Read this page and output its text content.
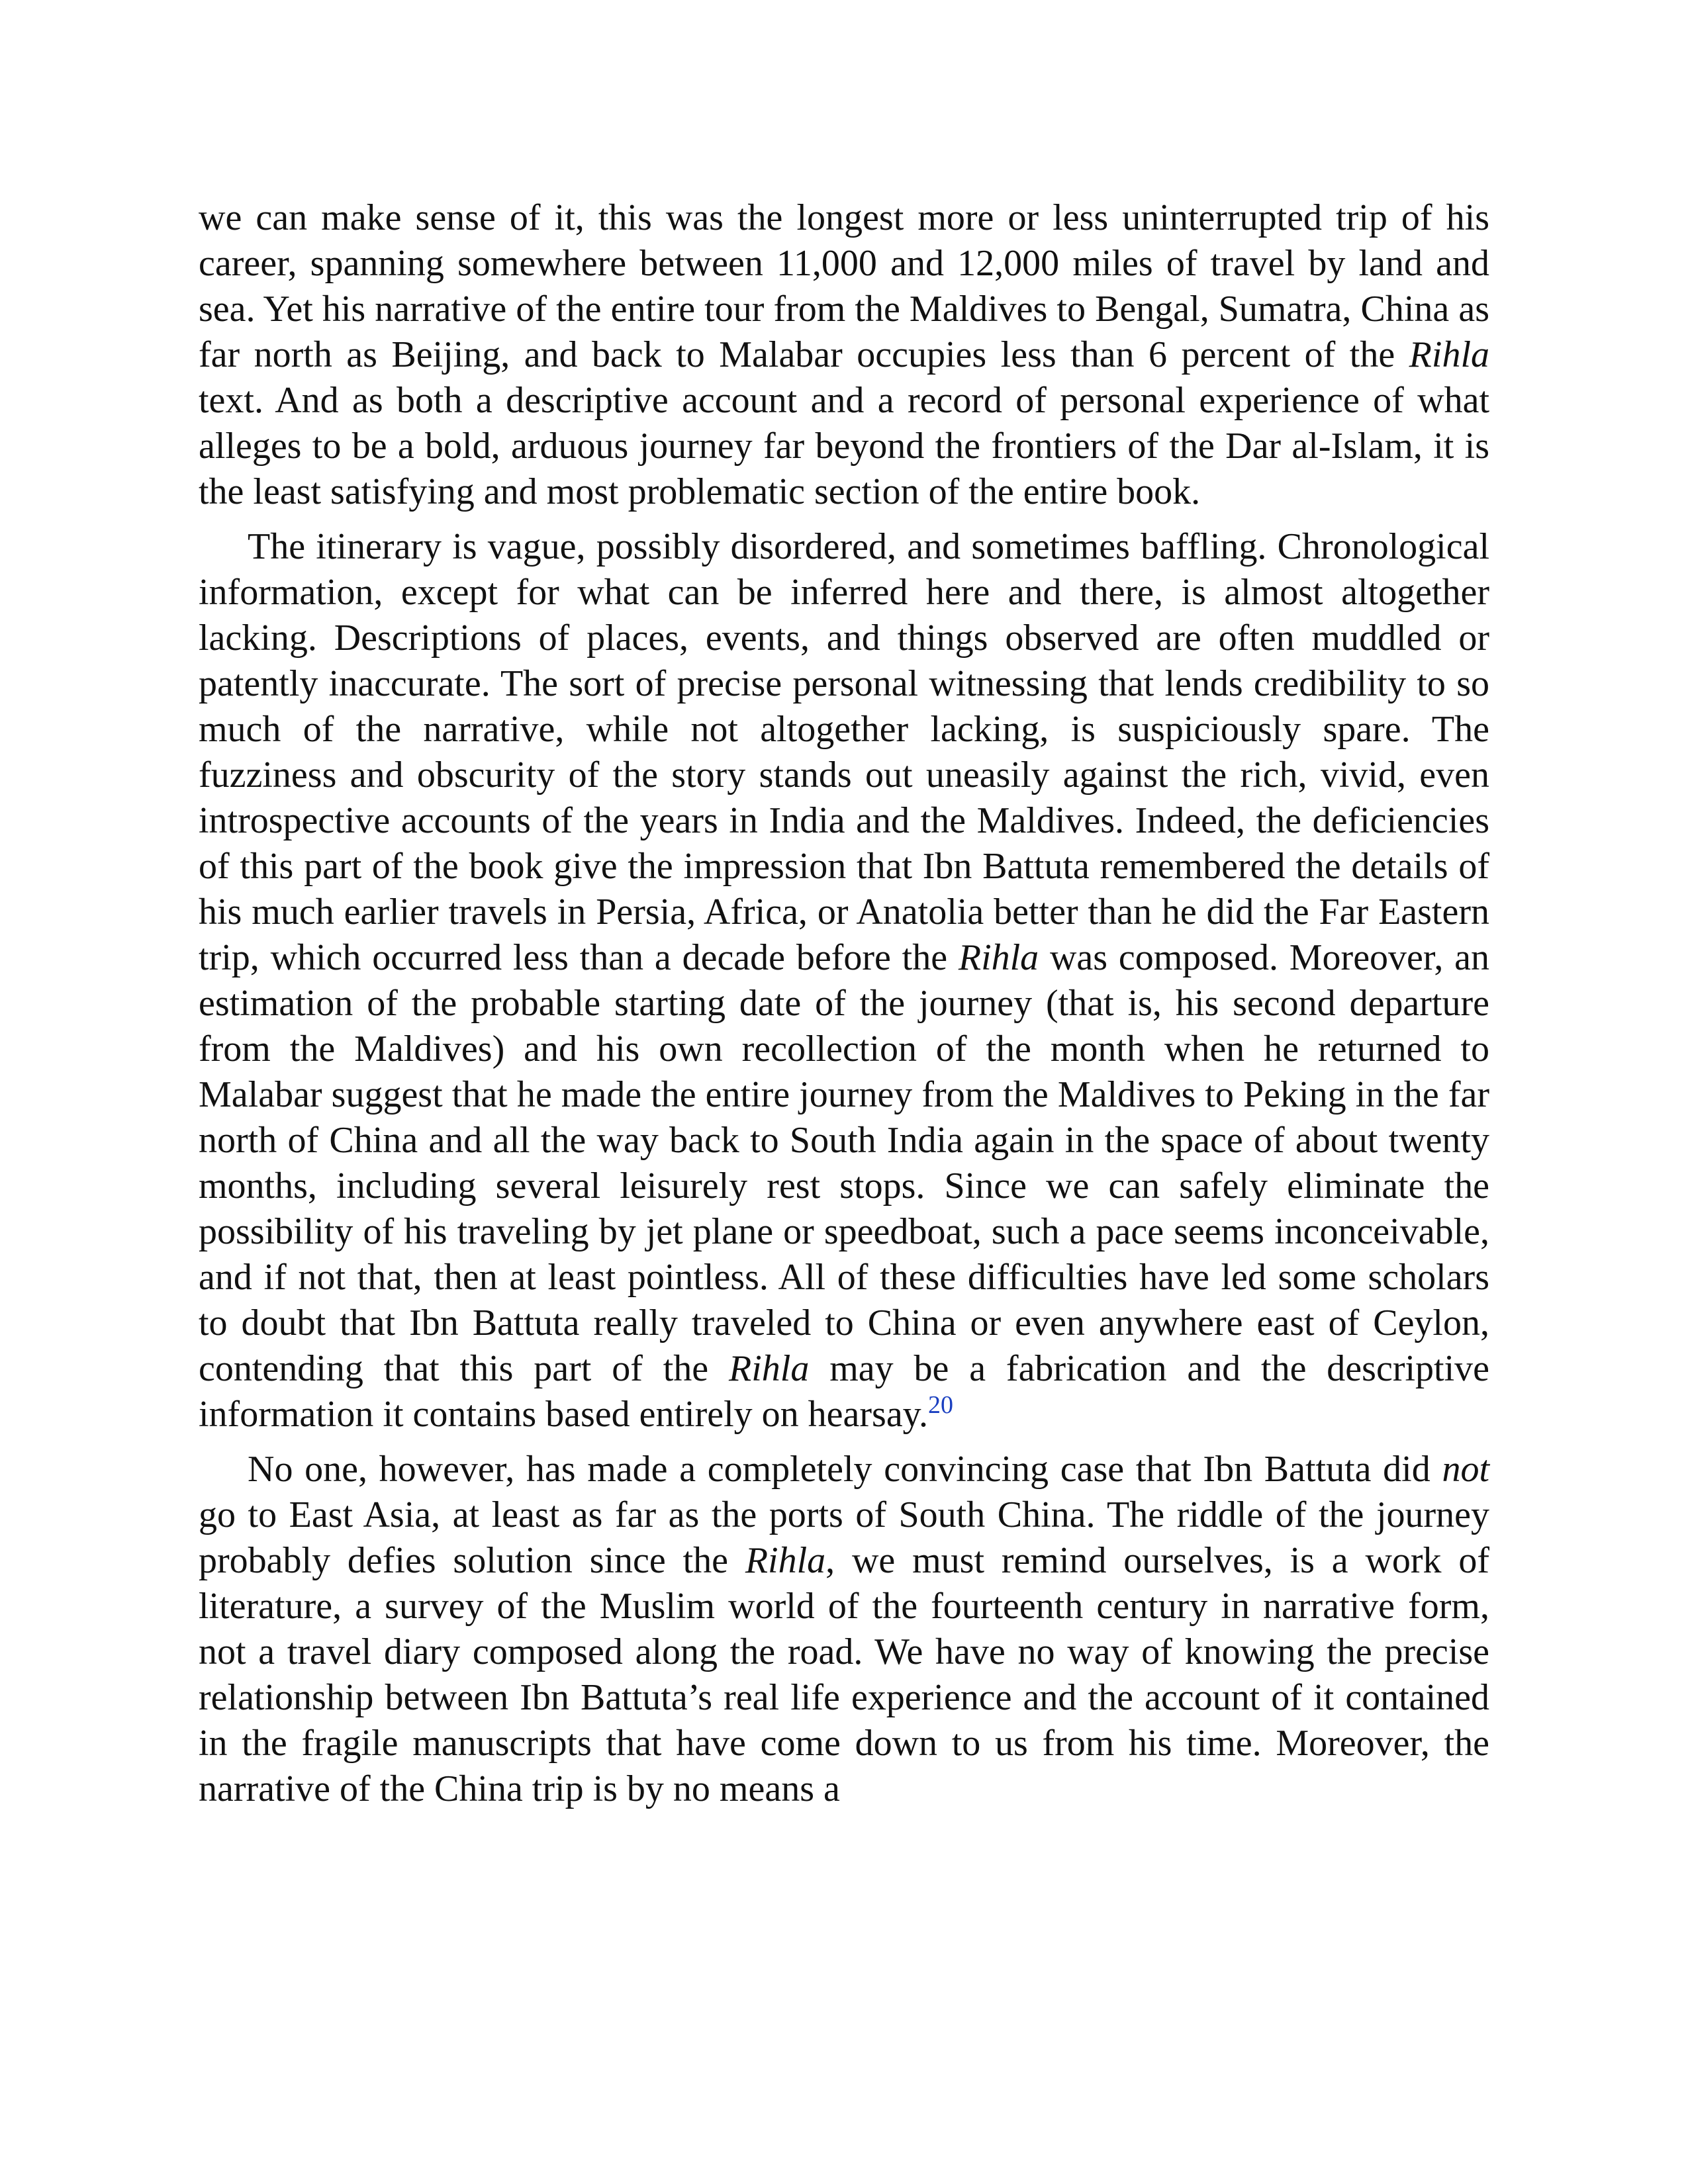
we can make sense of it, this was the longest more or less uninterrupted trip of his career, spanning somewhere between 11,000 and 12,000 miles of travel by land and sea. Yet his narrative of the entire tour from the Maldives to Bengal, Sumatra, China as far north as Beijing, and back to Malabar occupies less than 6 percent of the Rihla text. And as both a descriptive account and a record of personal experience of what alleges to be a bold, arduous journey far beyond the frontiers of the Dar al-Islam, it is the least satisfying and most problematic section of the entire book.

The itinerary is vague, possibly disordered, and sometimes baffling. Chronological information, except for what can be inferred here and there, is almost altogether lacking. Descriptions of places, events, and things observed are often muddled or patently inaccurate. The sort of precise personal witnessing that lends credibility to so much of the narrative, while not altogether lacking, is suspiciously spare. The fuzziness and obscurity of the story stands out uneasily against the rich, vivid, even introspective accounts of the years in India and the Maldives. Indeed, the deficiencies of this part of the book give the impression that Ibn Battuta remembered the details of his much earlier travels in Persia, Africa, or Anatolia better than he did the Far Eastern trip, which occurred less than a decade before the Rihla was composed. Moreover, an estimation of the probable starting date of the journey (that is, his second departure from the Maldives) and his own recollection of the month when he returned to Malabar suggest that he made the entire journey from the Maldives to Peking in the far north of China and all the way back to South India again in the space of about twenty months, including several leisurely rest stops. Since we can safely eliminate the possibility of his traveling by jet plane or speedboat, such a pace seems inconceivable, and if not that, then at least pointless. All of these difficulties have led some scholars to doubt that Ibn Battuta really traveled to China or even anywhere east of Ceylon, contending that this part of the Rihla may be a fabrication and the descriptive information it contains based entirely on hearsay.$^{20}$

No one, however, has made a completely convincing case that Ibn Battuta did not go to East Asia, at least as far as the ports of South China. The riddle of the journey probably defies solution since the Rihla, we must remind ourselves, is a work of literature, a survey of the Muslim world of the fourteenth century in narrative form, not a travel diary composed along the road. We have no way of knowing the precise relationship between Ibn Battuta’s real life experience and the account of it contained in the fragile manuscripts that have come down to us from his time. Moreover, the narrative of the China trip is by no means a
